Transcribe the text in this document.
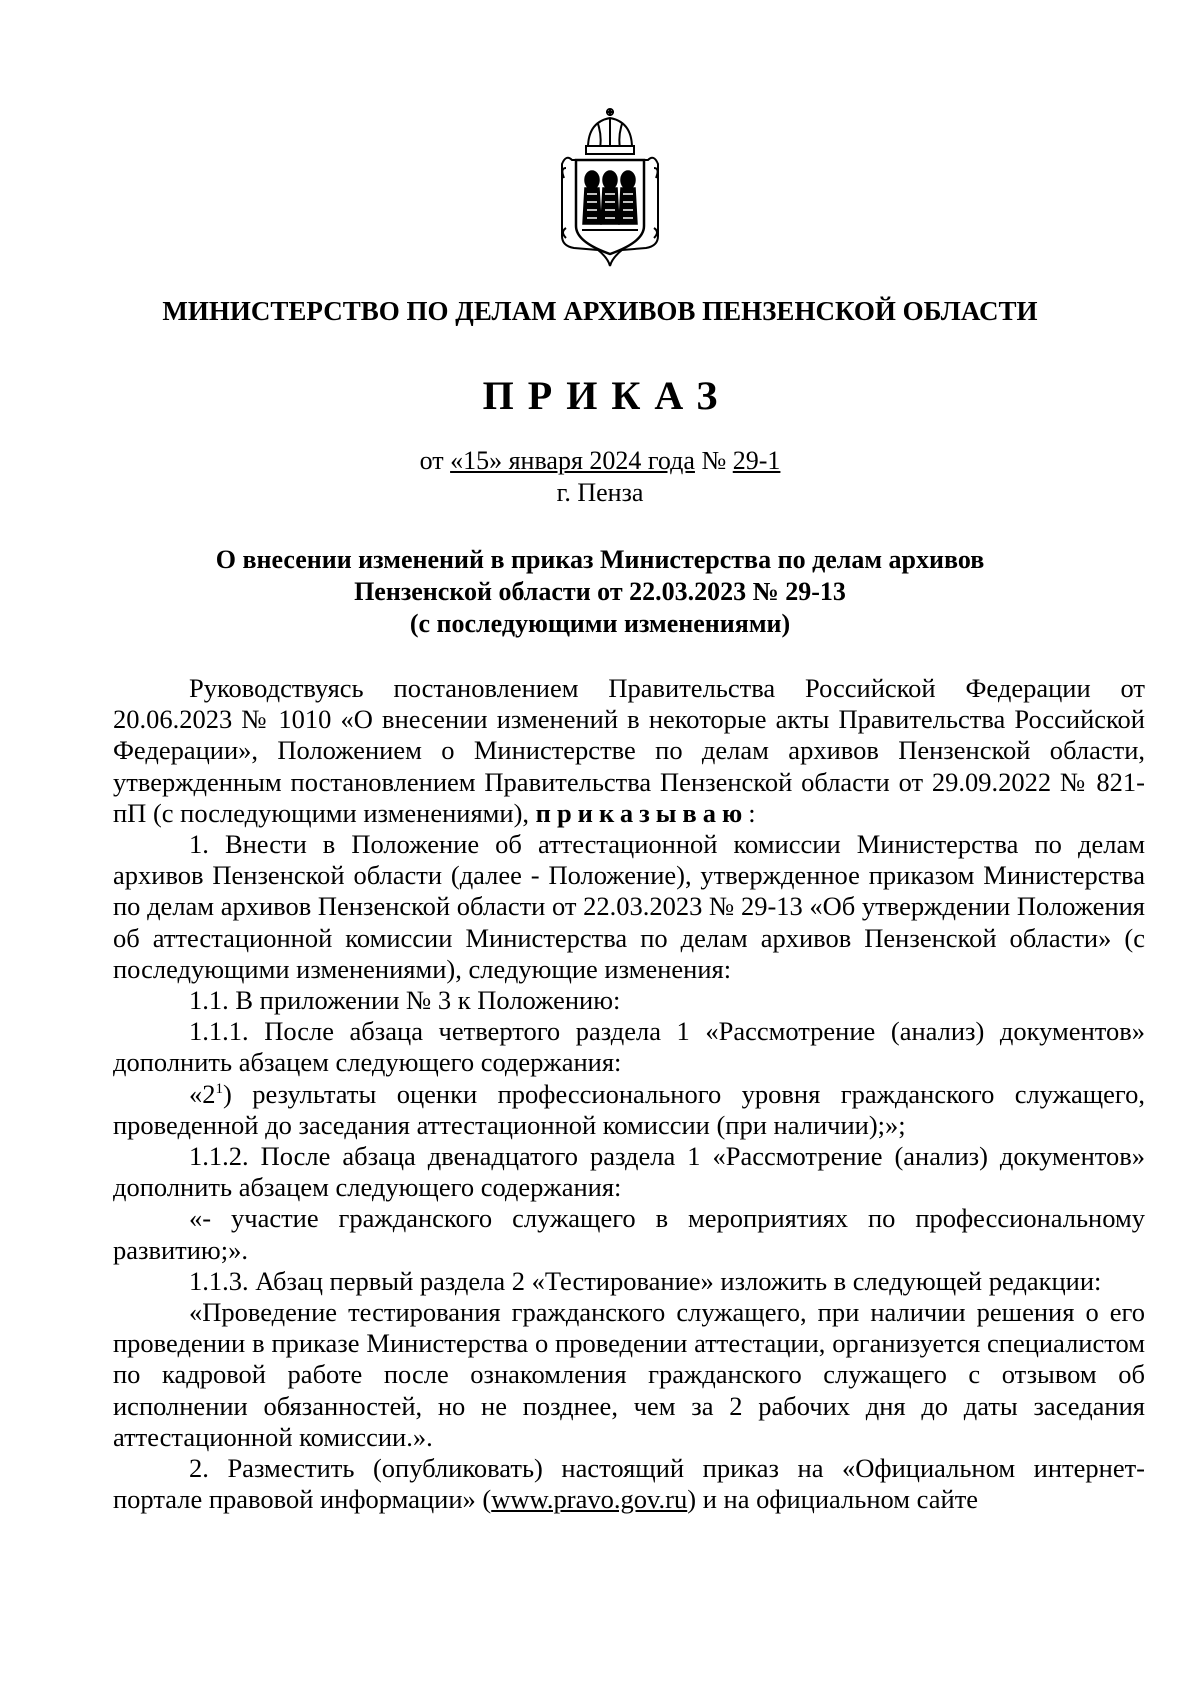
МИНИСТЕРСТВО ПО ДЕЛАМ АРХИВОВ ПЕНЗЕНСКОЙ ОБЛАСТИ
ПРИКАЗ
от «15» января 2024 года № 29-1
г. Пенза
О внесении изменений в приказ Министерства по делам архивов
Пензенской области от 22.03.2023 № 29-13
(с последующими изменениями)

Руководствуясь постановлением Правительства Российской Федерации от 20.06.2023 № 1010 «О внесении изменений в некоторые акты Правительства Российской Федерации», Положением о Министерстве по делам архивов Пензенской области, утвержденным постановлением Правительства Пензенской области от 29.09.2022 № 821-пП (с последующими изменениями), приказываю:

1. Внести в Положение об аттестационной комиссии Министерства по делам архивов Пензенской области (далее - Положение), утвержденное приказом Министерства по делам архивов Пензенской области от 22.03.2023 № 29-13 «Об утверждении Положения об аттестационной комиссии Министерства по делам архивов Пензенской области» (с последующими изменениями), следующие изменения:

1.1. В приложении № 3 к Положению:

1.1.1. После абзаца четвертого раздела 1 «Рассмотрение (анализ) документов» дополнить абзацем следующего содержания:

«$2^1$) результаты оценки профессионального уровня гражданского служащего, проведенной до заседания аттестационной комиссии (при наличии);»;

1.1.2. После абзаца двенадцатого раздела 1 «Рассмотрение (анализ) документов» дополнить абзацем следующего содержания:

«- участие гражданского служащего в мероприятиях по профессиональному развитию;».

1.1.3. Абзац первый раздела 2 «Тестирование» изложить в следующей редакции:

«Проведение тестирования гражданского служащего, при наличии решения о его проведении в приказе Министерства о проведении аттестации, организуется специалистом по кадровой работе после ознакомления гражданского служащего с отзывом об исполнении обязанностей, но не позднее, чем за 2 рабочих дня до даты заседания аттестационной комиссии.».

2. Разместить (опубликовать) настоящий приказ на «Официальном интернет-портале правовой информации» (www.pravo.gov.ru) и на официальном сайте
